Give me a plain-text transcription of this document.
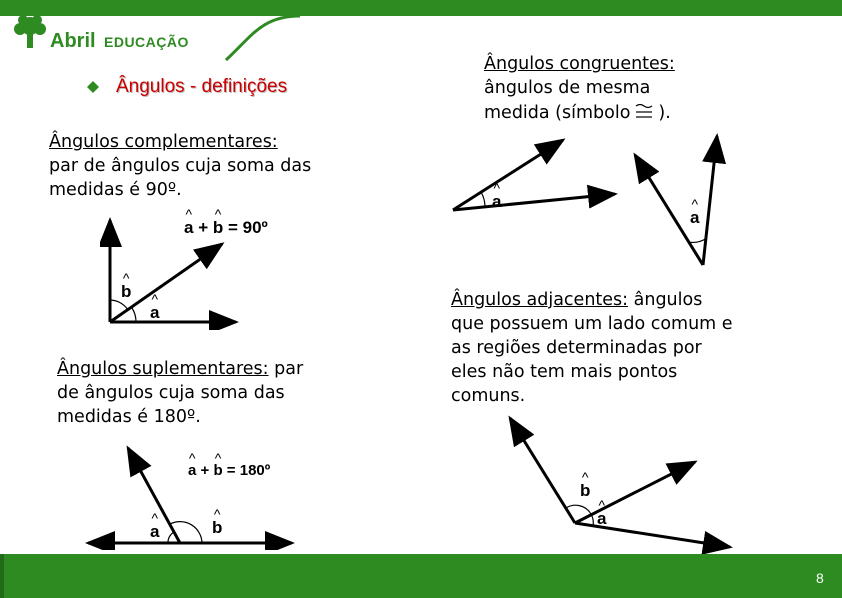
Abril EDUCAÇÃO
Ângulos - definições
Ângulos complementares:
par de ângulos cuja soma das
medidas é 90º.
^ a + ^ b = 90º
^ b
^ a
Ângulos suplementares: par
de ângulos cuja soma das
medidas é 180º.
^ a + ^ b = 180º
^ a	^ b
Ângulos congruentes:
ângulos de mesma
medida (símbolo ).
^ a
^ a
Ângulos adjacentes: ângulos
que possuem um lado comum e
as regiões determinadas por
eles não tem mais pontos
comuns.
^ b
^ a
8
